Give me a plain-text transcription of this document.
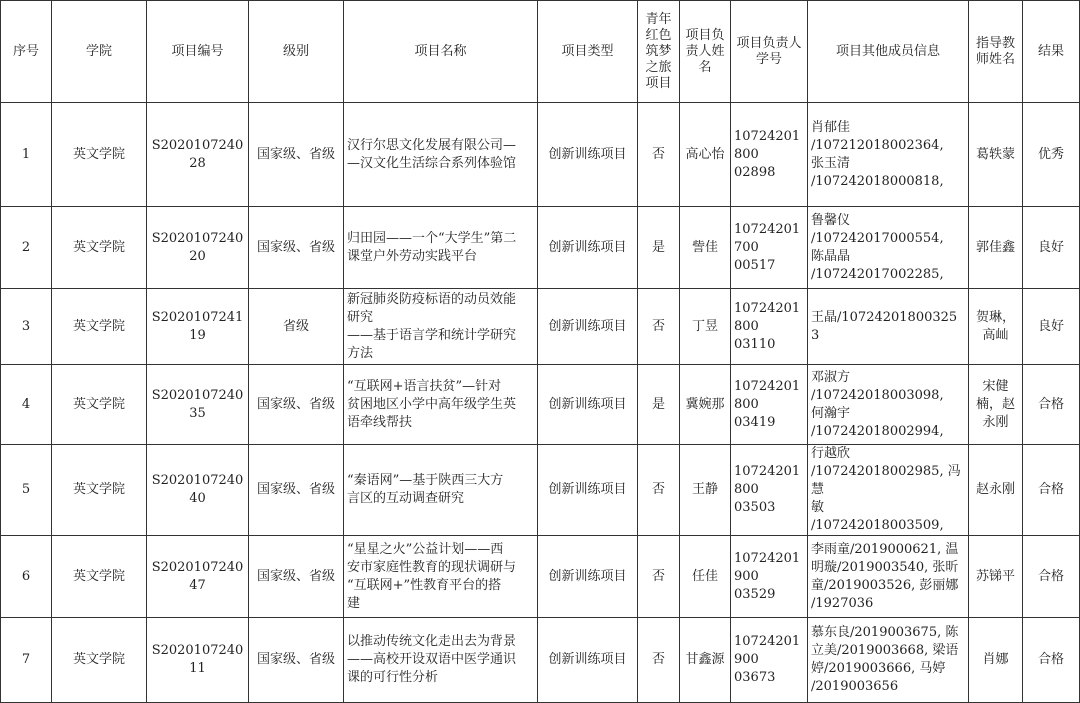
序号	学院	项目编号	级别	项目名称	项目类型	青年红色筑梦之旅项目	项目负责人姓名	项目负责人学号	项目其他成员信息	指导教师姓名	结果
1	英文学院	S202010724028	国家级、省级	汉行尔思文化发展有限公司—
—汉文化生活综合系列体验馆	创新训练项目	否	高心怡	10724201800
02898	肖郁佳
/107212018002364,
张玉清
/107242018000818,	葛轶蒙	优秀
2	英文学院	S202010724020	国家级、省级	归田园——一个“大学生”第二
课堂户外劳动实践平台	创新训练项目	是	訾佳	10724201700
00517	鲁馨仪
/107242017000554,
陈晶晶
/107242017002285,	郭佳鑫	良好
3	英文学院	S202010724119	省级	新冠肺炎防疫标语的动员效能
研究
——基于语言学和统计学研究
方法	创新训练项目	否	丁昱	10724201800
03110	王晶/107242018003253	贺琳，高屾	良好
4	英文学院	S202010724035	国家级、省级	“互联网+语言扶贫”—针对
贫困地区小学中高年级学生英
语牵线帮扶	创新训练项目	是	冀婉那	10724201800
03419	邓淑方
/107242018003098,
何瀚宇
/107242018002994,	宋健楠，赵永刚	合格
5	英文学院	S202010724040	国家级、省级	“秦语网”—基于陕西三大方
言区的互动调查研究	创新训练项目	否	王静	10724201800
03503	行越欣
/107242018002985, 冯慧
敏
/107242018003509,	赵永刚	合格
6	英文学院	S202010724047	国家级、省级	“星星之火”公益计划——西
安市家庭性教育的现状调研与
“互联网+”性教育平台的搭
建	创新训练项目	否	任佳	10724201900
03529	李雨童/2019000621, 温
明璇/2019003540, 张昕
童/2019003526, 彭丽娜
/1927036	苏锑平	合格
7	英文学院	S202010724011	国家级、省级	以推动传统文化走出去为背景
——高校开设双语中医学通识
课的可行性分析	创新训练项目	否	甘鑫源	10724201900
03673	慕东良/2019003675, 陈
立美/2019003668, 梁语
婷/2019003666, 马婷
/2019003656	肖娜	合格
